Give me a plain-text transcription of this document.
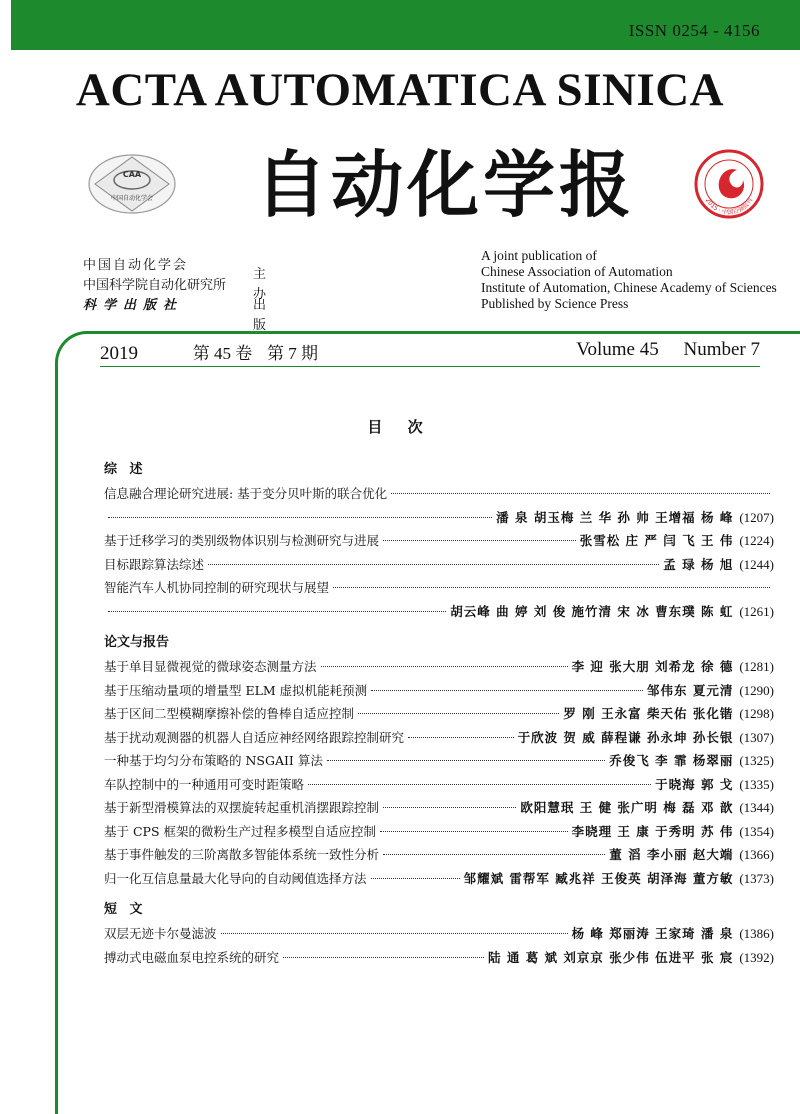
ISSN 0254 - 4156
ACTA AUTOMATICA SINICA
CAA
中国自动化学会	自动化学报	2015 · 中国百强报刊
中国自动化学会
中国科学院自动化研究所
科学出版社
主办
出版
A joint publication of
Chinese Association of Automation
Institute of Automation, Chinese Academy of Sciences
Published by Science Press
2019	第 45 卷 第 7 期	Volume 45 Number 7
目 次
综 述
信息融合理论研究进展: 基于变分贝叶斯的联合优化
潘 泉 胡玉梅 兰 华 孙 帅 王增福 杨 峰 (1207)
基于迁移学习的类别级物体识别与检测研究与进展	张雪松 庄 严 闫 飞 王 伟 (1224)
目标跟踪算法综述	孟 琭 杨 旭 (1244)
智能汽车人机协同控制的研究现状与展望
胡云峰 曲 婷 刘 俊 施竹清 宋 冰 曹东璞 陈 虹 (1261)
论文与报告
基于单目显微视觉的微球姿态测量方法	李 迎 张大朋 刘希龙 徐 德 (1281)
基于压缩动量项的增量型 ELM 虚拟机能耗预测	邹伟东 夏元清 (1290)
基于区间二型模糊摩擦补偿的鲁棒自适应控制	罗 刚 王永富 柴天佑 张化锴 (1298)
基于扰动观测器的机器人自适应神经网络跟踪控制研究	于欣波 贺 威 薛程谦 孙永坤 孙长银 (1307)
一种基于均匀分布策略的 NSGAII 算法	乔俊飞 李 霏 杨翠丽 (1325)
车队控制中的一种通用可变时距策略	于晓海 郭 戈 (1335)
基于新型滑模算法的双摆旋转起重机消摆跟踪控制	欧阳慧珉 王 健 张广明 梅 磊 邓 歆 (1344)
基于 CPS 框架的微粉生产过程多模型自适应控制	李晓理 王 康 于秀明 苏 伟 (1354)
基于事件触发的三阶离散多智能体系统一致性分析	董 滔 李小丽 赵大端 (1366)
归一化互信息量最大化导向的自动阈值选择方法	邹耀斌 雷帮军 臧兆祥 王俊英 胡泽海 董方敏 (1373)
短 文
双层无迹卡尔曼滤波	杨 峰 郑丽涛 王家琦 潘 泉 (1386)
搏动式电磁血泵电控系统的研究	陆 通 葛 斌 刘京京 张少伟 伍进平 张 宸 (1392)
